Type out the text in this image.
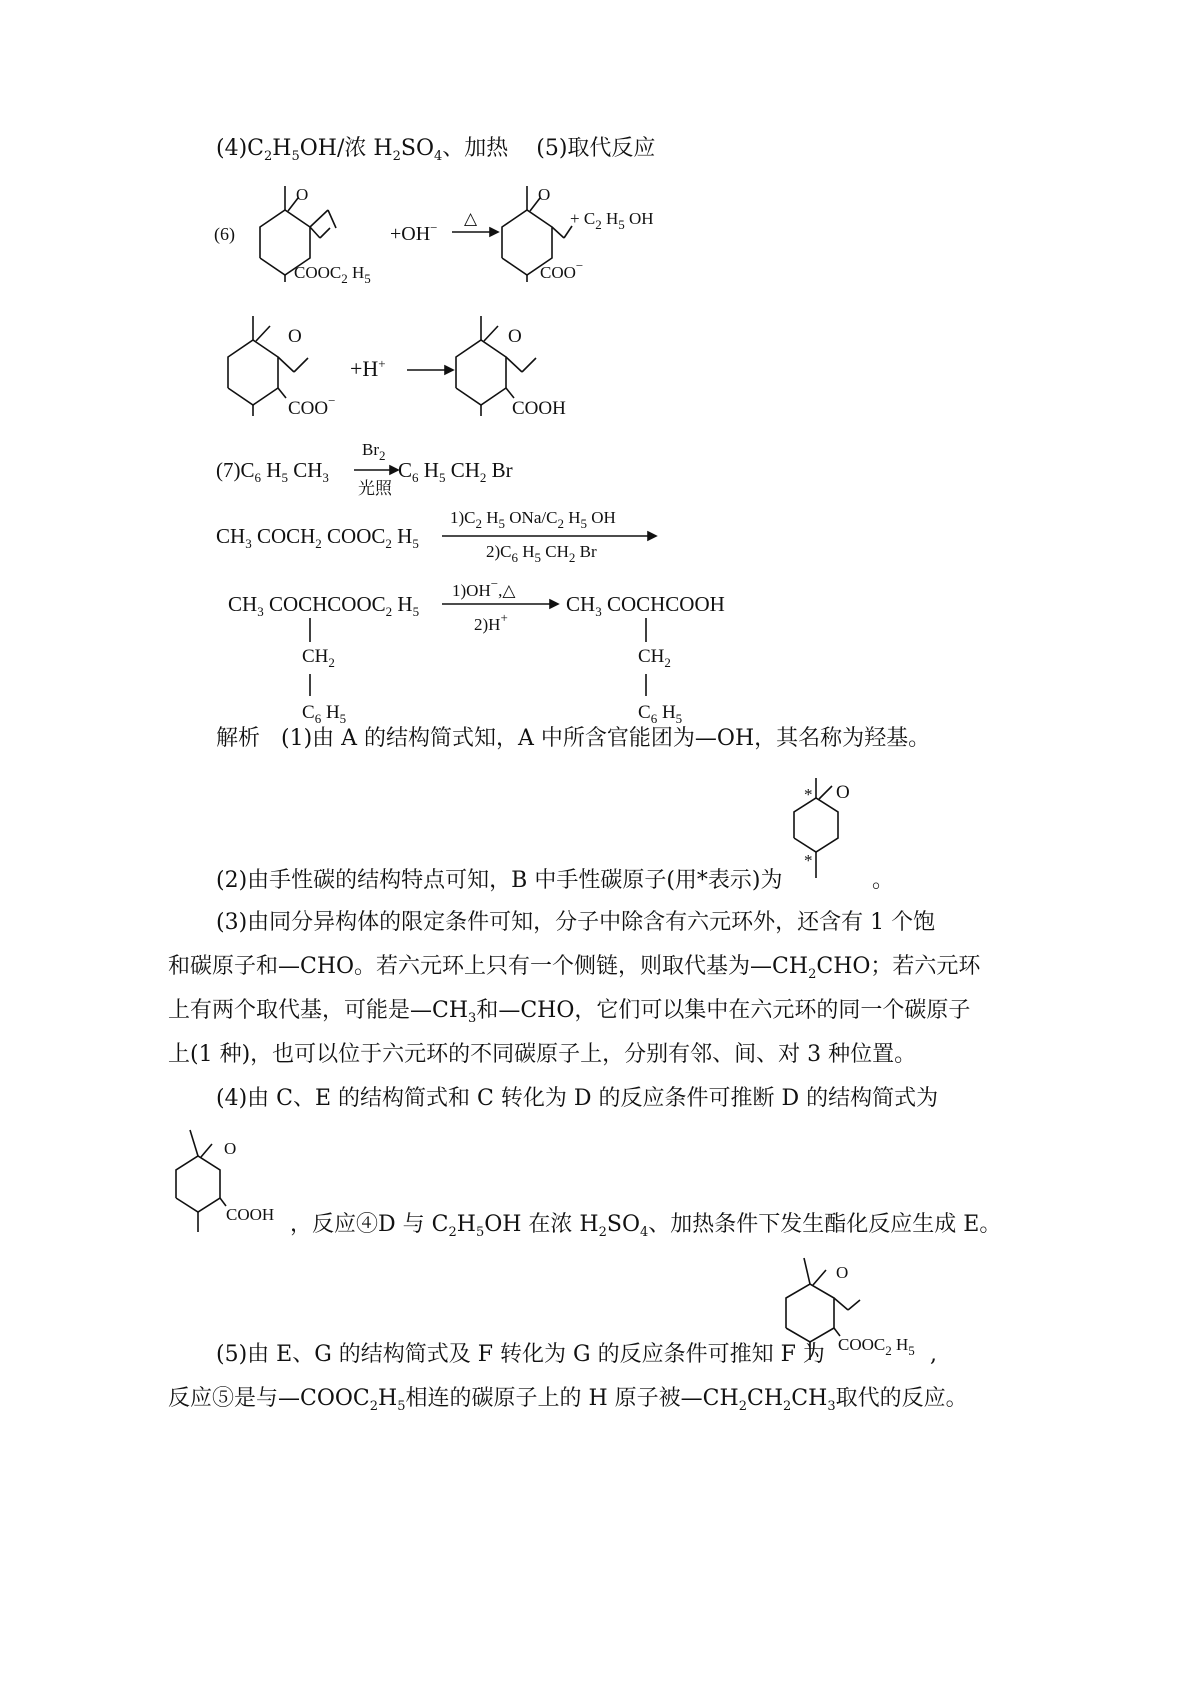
$(4)C_2H_5OH/$浓 $H_2SO_4$、加热 (5)取代反应
(6)
O
$COOC_2$ $H_5$
+OH− △
O
COO−
+ $C_2$ $H_5$ OH
O
COO−
+H+ →
O
COOH
$(7)C_6$ $H_5$ $CH_3$
$Br_2$
光照
$C_6$ $H_5$ $CH_2$ Br
$CH_3$ $COCH_2$ $COOC_2$ $H_5$
$1)C_2$ $H_5$ ONa/$C_2$ $H_5$ OH
$2)C_6$ $H_5$ $CH_2$ Br
$CH_3$ $COCHCOOC_2$ $H_5$
1)OH−,△
2)H+
$CH_3$ COCHCOOH
$CH_2$
$C_6$ $H_5$
$CH_2$
$C_6$ $H_5$
解析 (1)由 A 的结构简式知，A 中所含官能团为—OH，其名称为羟基。
(2)由手性碳的结构特点可知，B 中手性碳原子(用*表示)为
O
*
*
。
(3)由同分异构体的限定条件可知，分子中除含有六元环外，还含有 1 个饱
和碳原子和—CHO。若六元环上只有一个侧链，则取代基为$—CH_2CHO$；若六元环
上有两个取代基，可能是$—CH_3$和—CHO，它们可以集中在六元环的同一个碳原子
上(1 种)，也可以位于六元环的不同碳原子上，分别有邻、间、对 3 种位置。
(4)由 C、E 的结构简式和 C 转化为 D 的反应条件可推断 D 的结构简式为
O
COOH ，反应④D 与 $C_2H_5OH$ 在浓 $H_2SO_4$、加热条件下发生酯化反应生成 E。
O
$COOC_2$ $H_5$
(5)由 E、G 的结构简式及 F 转化为 G 的反应条件可推知 F 为	,
反应⑤是与$—COOC_2H_5$相连的碳原子上的 H 原子被$—CH_2CH_2CH_3$取代的反应。
